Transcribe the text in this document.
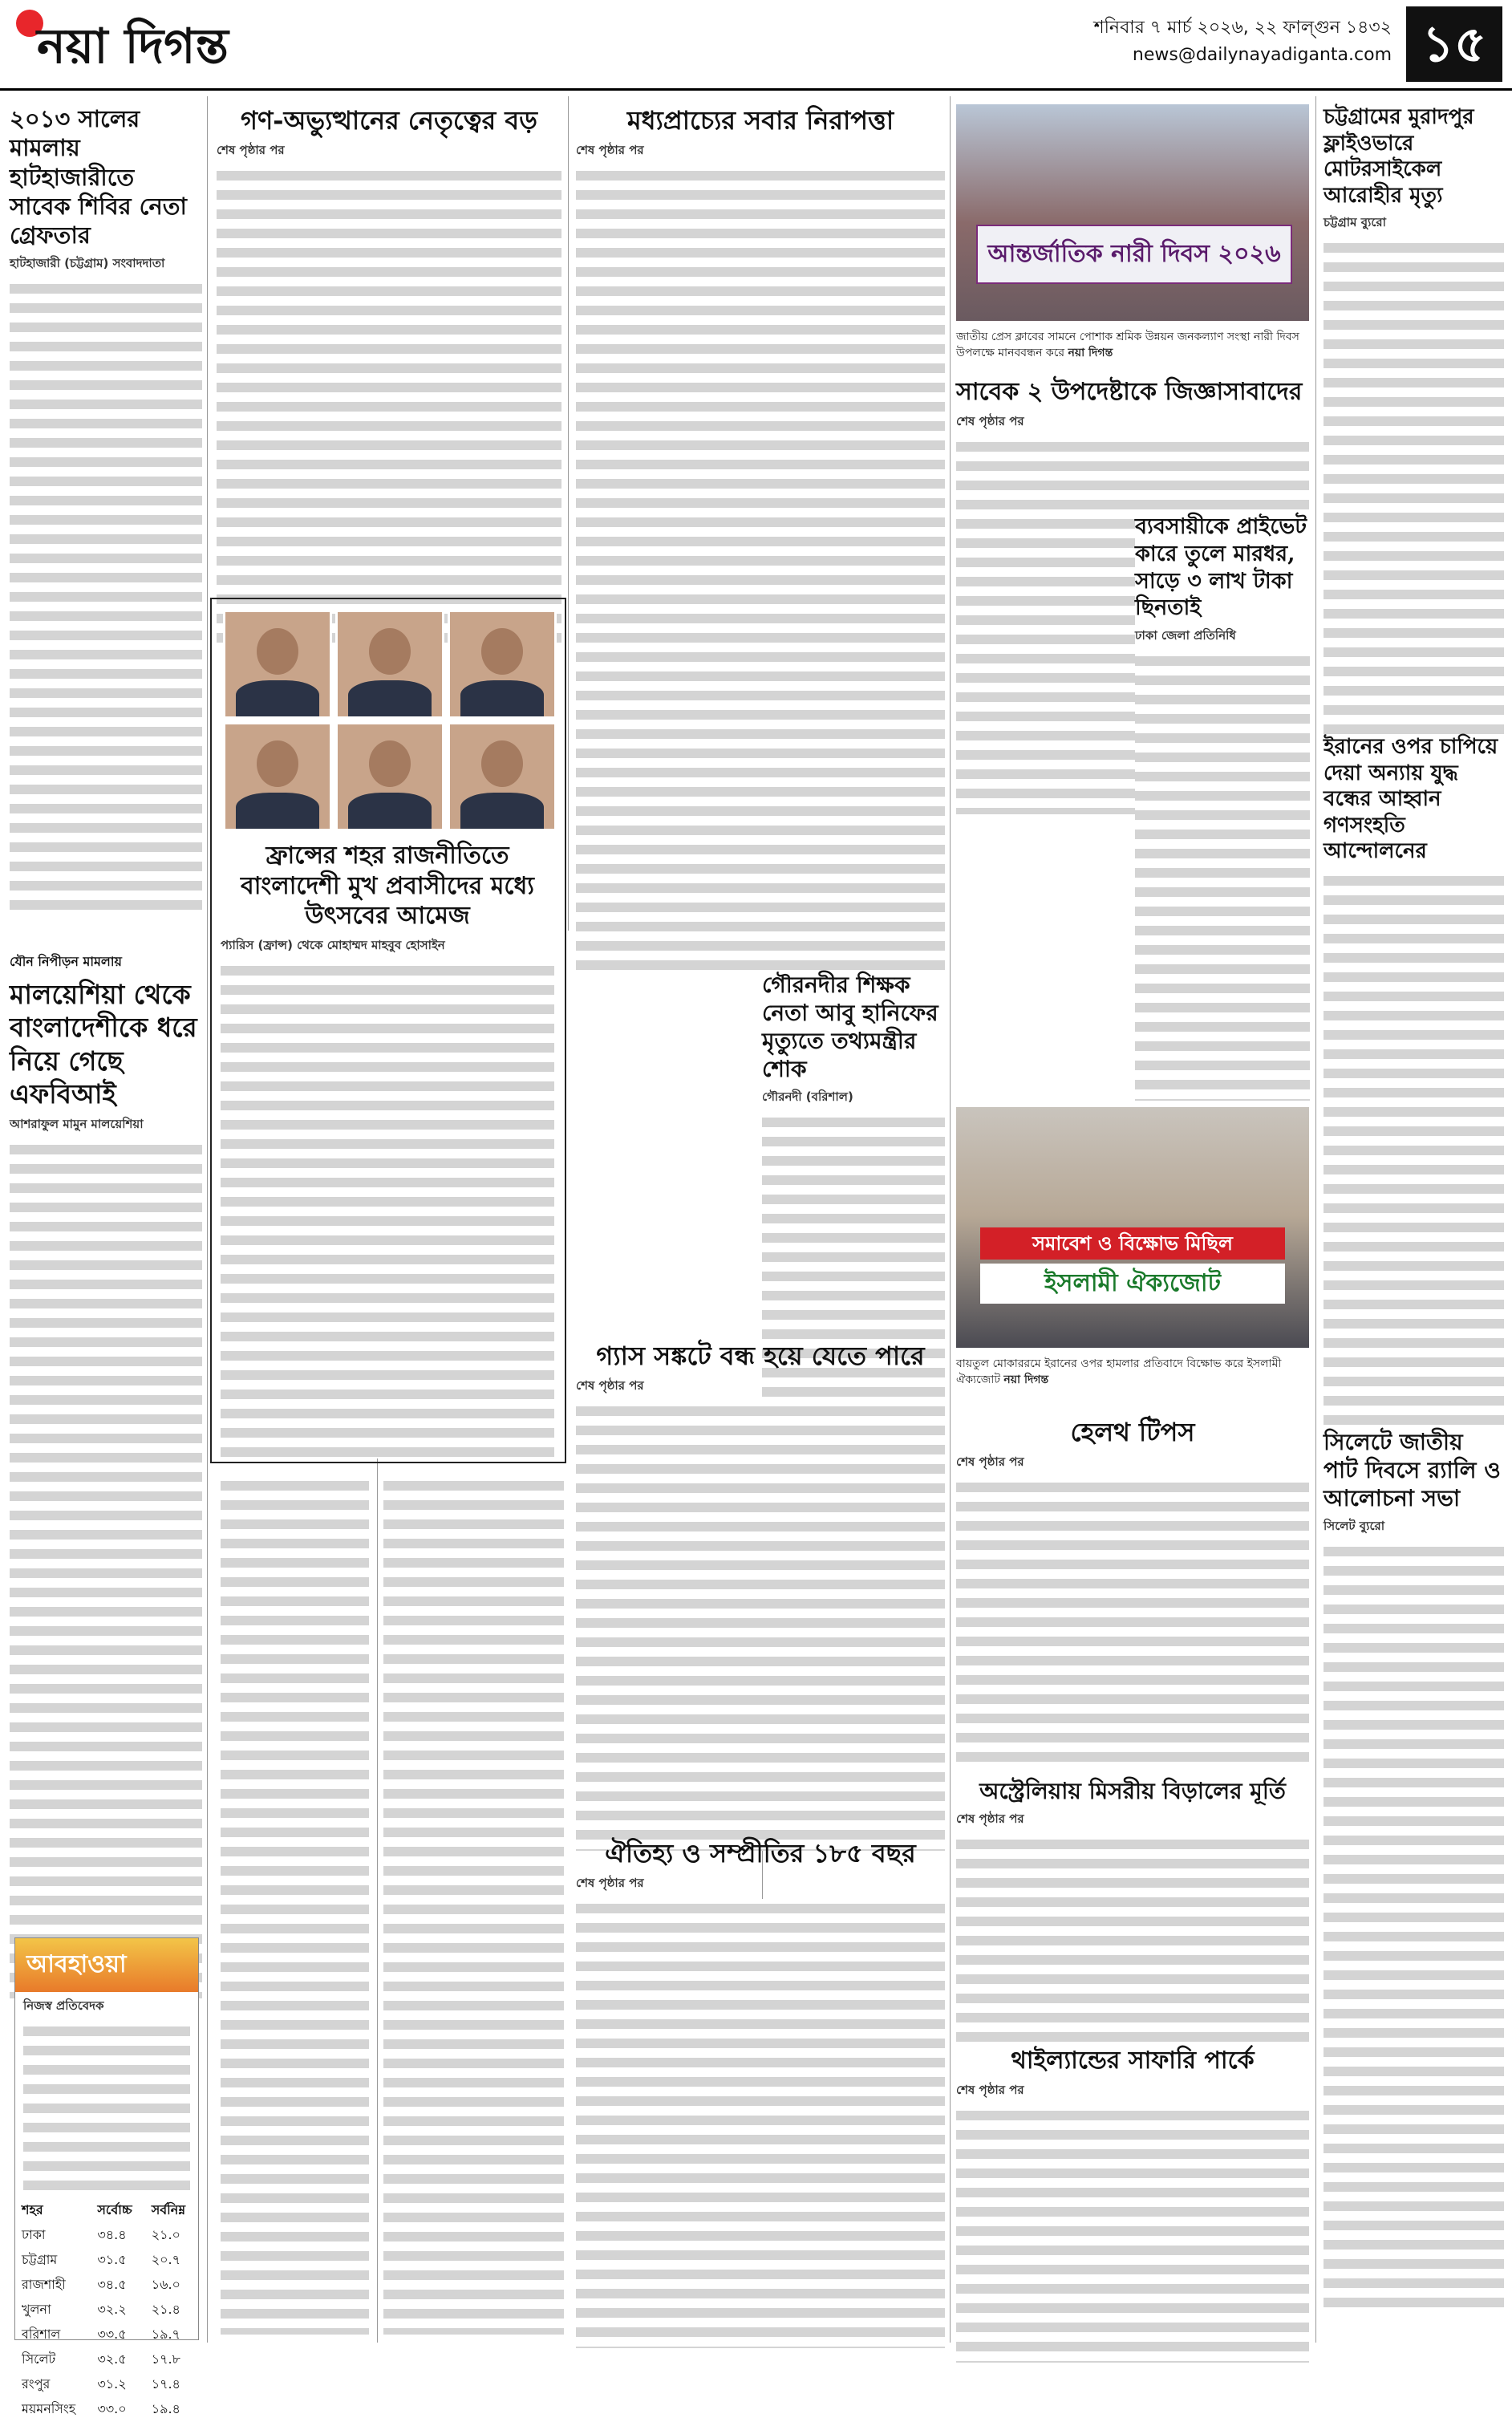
নয়া দিগন্ত	শনিবার ৭ মার্চ ২০২৬, ২২ ফাল্গুন ১৪৩২
news@dailynayadiganta.com ১৫
২০১৩ সালের মামলায় হাটহাজারীতে সাবেক শিবির নেতা গ্রেফতার
হাটহাজারী (চট্টগ্রাম) সংবাদদাতা
যৌন নিপীড়ন মামলায়
মালয়েশিয়া থেকে বাংলাদেশীকে ধরে নিয়ে গেছে এফবিআই
আশরাফুল মামুন মালয়েশিয়া
আবহাওয়া
নিজস্ব প্রতিবেদক
শহর	সর্বোচ্চ	সর্বনিম্ন
ঢাকা	৩৪.৪	২১.০
চট্টগ্রাম	৩১.৫	২০.৭
রাজশাহী	৩৪.৫	১৬.০
খুলনা	৩২.২	২১.৪
বরিশাল	৩৩.৫	১৯.৭
সিলেট	৩২.৫	১৭.৮
রংপুর	৩১.২	১৭.৪
ময়মনসিংহ	৩৩.০	১৯.৪
গণ-অভ্যুত্থানের নেতৃত্বের বড়
শেষ পৃষ্ঠার পর
ফ্রান্সের শহর রাজনীতিতে বাংলাদেশী মুখ প্রবাসীদের মধ্যে উৎসবের আমেজ
প্যারিস (ফ্রান্স) থেকে মোহাম্মদ মাহবুব হোসাইন
মধ্যপ্রাচ্যের সবার নিরাপত্তা
শেষ পৃষ্ঠার পর
গৌরনদীর শিক্ষক নেতা আবু হানিফের মৃত্যুতে তথ্যমন্ত্রীর শোক
গৌরনদী (বরিশাল)
গ্যাস সঙ্কটে বন্ধ হয়ে যেতে পারে
শেষ পৃষ্ঠার পর
ঐতিহ্য ও সম্প্রীতির ১৮৫ বছর
শেষ পৃষ্ঠার পর
আন্তর্জাতিক নারী দিবস ২০২৬
জাতীয় প্রেস ক্লাবের সামনে পোশাক শ্রমিক উন্নয়ন জনকল্যাণ সংস্থা নারী দিবস উপলক্ষে মানববন্ধন করে নয়া দিগন্ত
সাবেক ২ উপদেষ্টাকে জিজ্ঞাসাবাদের
শেষ পৃষ্ঠার পর
ব্যবসায়ীকে প্রাইভেট কারে তুলে মারধর, সাড়ে ৩ লাখ টাকা ছিনতাই
ঢাকা জেলা প্রতিনিধি
সমাবেশ ও বিক্ষোভ মিছিল
ইসলামী ঐক্যজোট
বায়তুল মোকাররমে ইরানের ওপর হামলার প্রতিবাদে বিক্ষোভ করে ইসলামী ঐক্যজোট নয়া দিগন্ত
হেলথ টিপস
শেষ পৃষ্ঠার পর
অস্ট্রেলিয়ায় মিসরীয় বিড়ালের মূর্তি
শেষ পৃষ্ঠার পর
থাইল্যান্ডের সাফারি পার্কে
শেষ পৃষ্ঠার পর
চট্টগ্রামের মুরাদপুর ফ্লাইওভারে মোটরসাইকেল আরোহীর মৃত্যু
চট্টগ্রাম ব্যুরো
ইরানের ওপর চাপিয়ে দেয়া অন্যায় যুদ্ধ বন্ধের আহ্বান গণসংহতি আন্দোলনের
সিলেটে জাতীয় পাট দিবসে র‍্যালি ও আলোচনা সভা
সিলেট ব্যুরো
